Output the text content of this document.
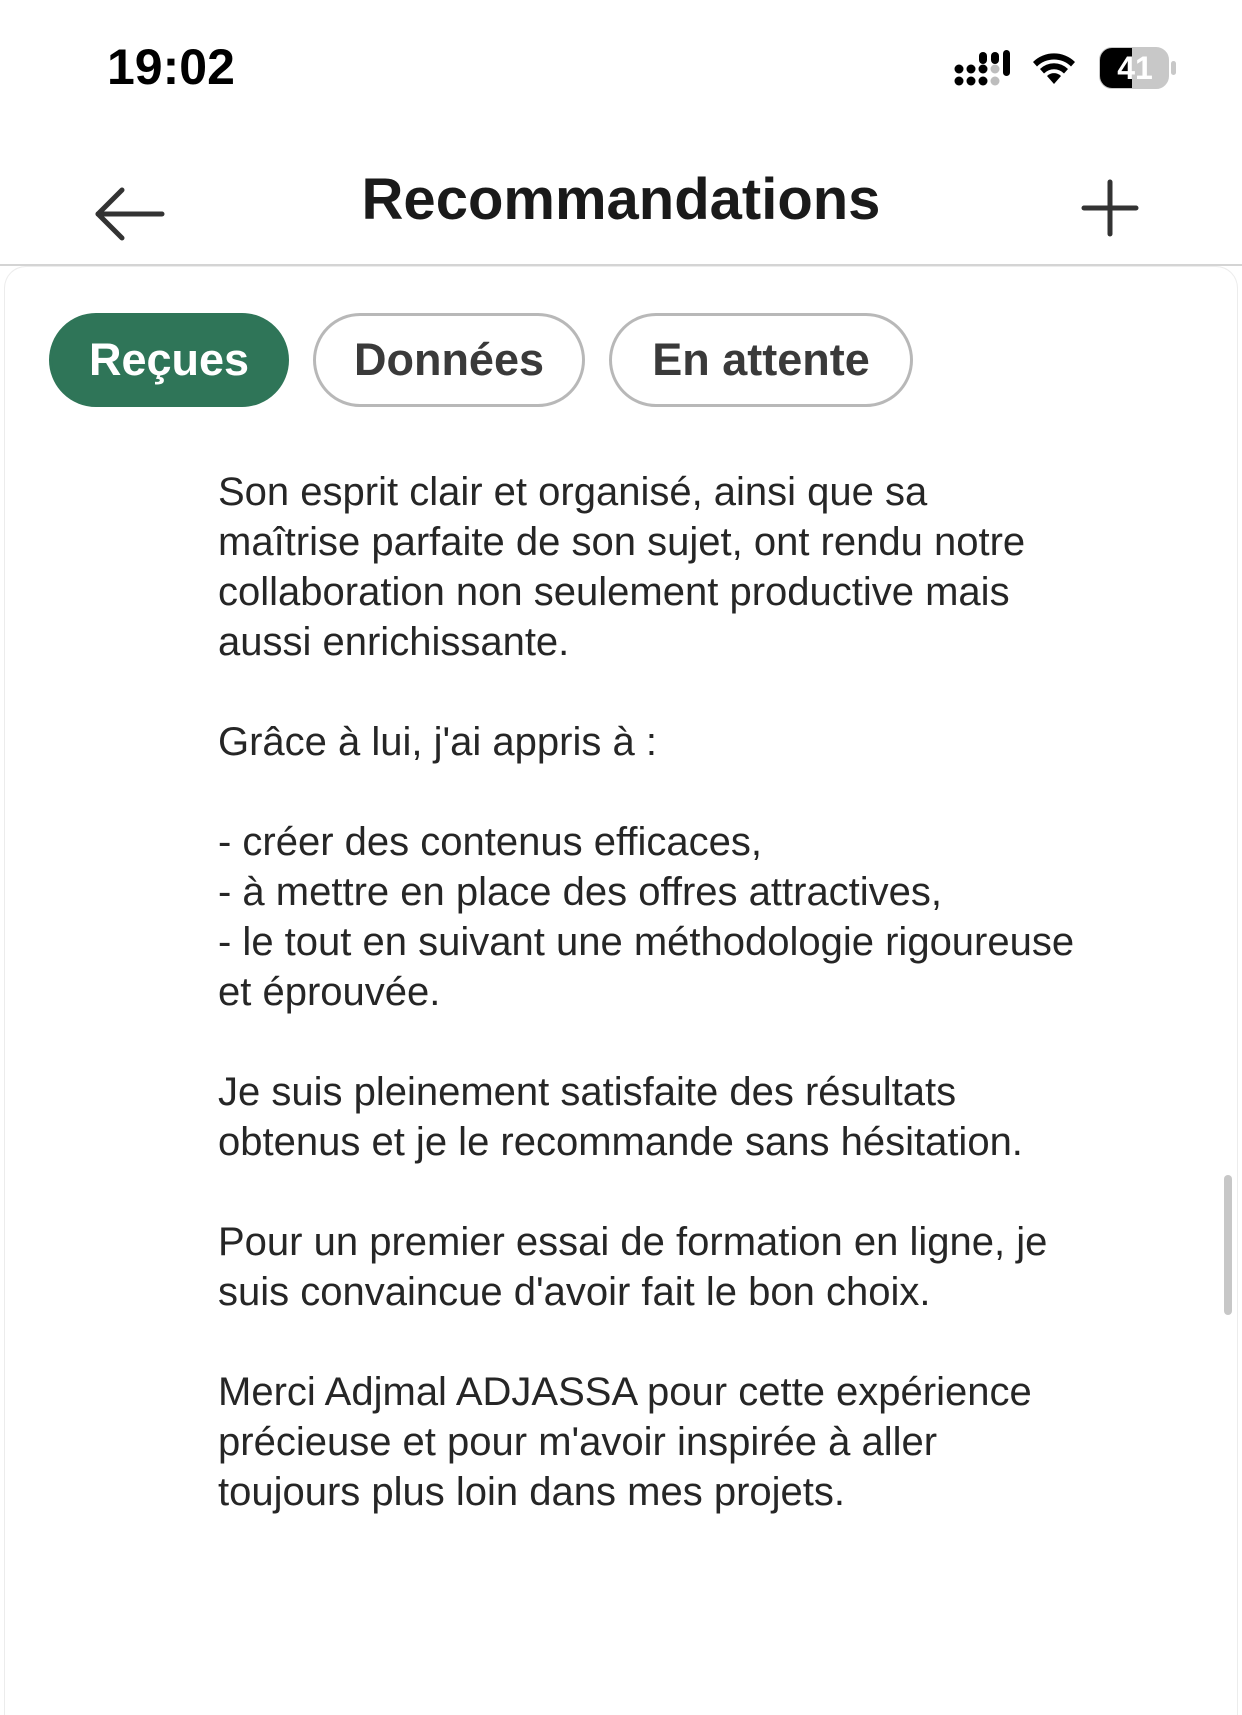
19:02	41
Recommandations
Reçues	Données	En attente

Son esprit clair et organisé, ainsi que sa maîtrise parfaite de son sujet, ont rendu notre collaboration non seulement productive mais aussi enrichissante.

Grâce à lui, j'ai appris à :

- créer des contenus efficaces,
- à mettre en place des offres attractives,
- le tout en suivant une méthodologie rigoureuse et éprouvée.

Je suis pleinement satisfaite des résultats obtenus et je le recommande sans hésitation.

Pour un premier essai de formation en ligne, je suis convaincue d'avoir fait le bon choix.

Merci Adjmal ADJASSA pour cette expérience précieuse et pour m'avoir inspirée à aller toujours plus loin dans mes projets.
